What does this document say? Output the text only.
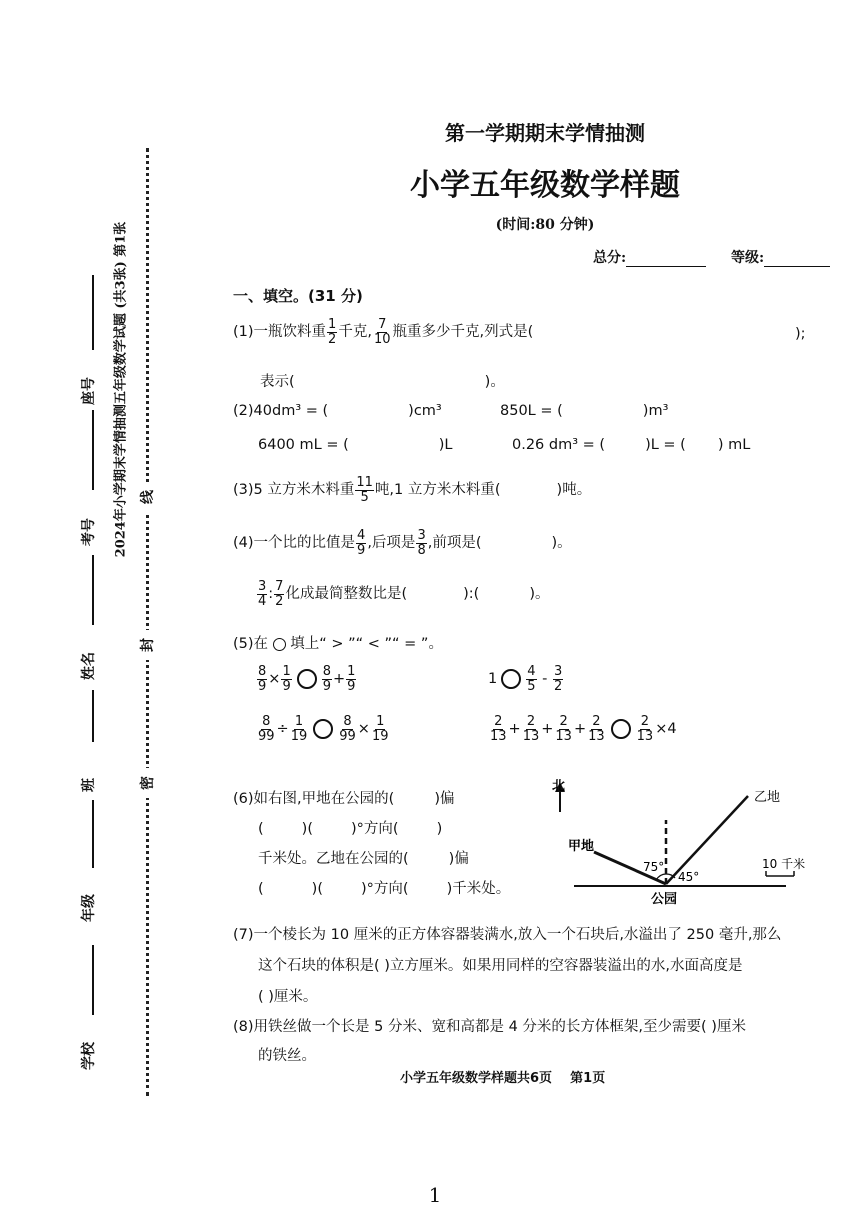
学校
年级
班
姓名
考号
座号	2024年小学期末学情抽测五年级数学试题 (共3张) 第1张
密
封
线
第一学期期末学情抽测
小学五年级数学样题
(时间:80 分钟)
总分:	等级:
一、填空。(31 分)
(1)一瓶饮料重 $\frac{1}{2}$ 千克, $\frac{7}{10}$ 瓶重多少千克,列式是(	);
表示(	)。
(2)40dm³ = (	)cm³	850L = (	)m³
6400 mL = (	)L	0.26 dm³ = (	)L = ( ) mL
(3)5 立方米木料重 $\frac{11}{5}$ 吨,1 立方米木料重(	)吨。
(4)一个比的比值是 $\frac{4}{9}$ ,后项是 $\frac{3}{8}$ ,前项是(	)。
$\frac{3}{4}$ : $\frac{7}{2}$ 化成最简整数比是(	):(	)。
(5)在 填上“ > ”“ < ”“ = ”。
$\frac{8}{9} \times \frac{1}{9} \frac{8}{9} + \frac{1}{9}$	$1 \frac{4}{5} - \frac{3}{2}$
$\frac{8}{99} \div \frac{1}{19} \frac{8}{99} \times \frac{1}{19}$	$\frac{2}{13} + \frac{2}{13} + \frac{2}{13} + \frac{2}{13} \frac{2}{13} \times 4$
(6)如右图,甲地在公园的(	)偏
(	)(	)°方向(	)
千米处。乙地在公园的(	)偏
(	)(	)°方向(	)千米处。
北
甲地
乙地
公园
75°
45°
10 千米
(7)一个棱长为 10 厘米的正方体容器装满水,放入一个石块后,水溢出了 250 毫升,那么
这个石块的体积是( )立方厘米。如果用同样的空容器装溢出的水,水面高度是
( )厘米。
(8)用铁丝做一个长是 5 分米、宽和高都是 4 分米的长方体框架,至少需要( )厘米
的铁丝。
小学五年级数学样题共6页    第1页
1
